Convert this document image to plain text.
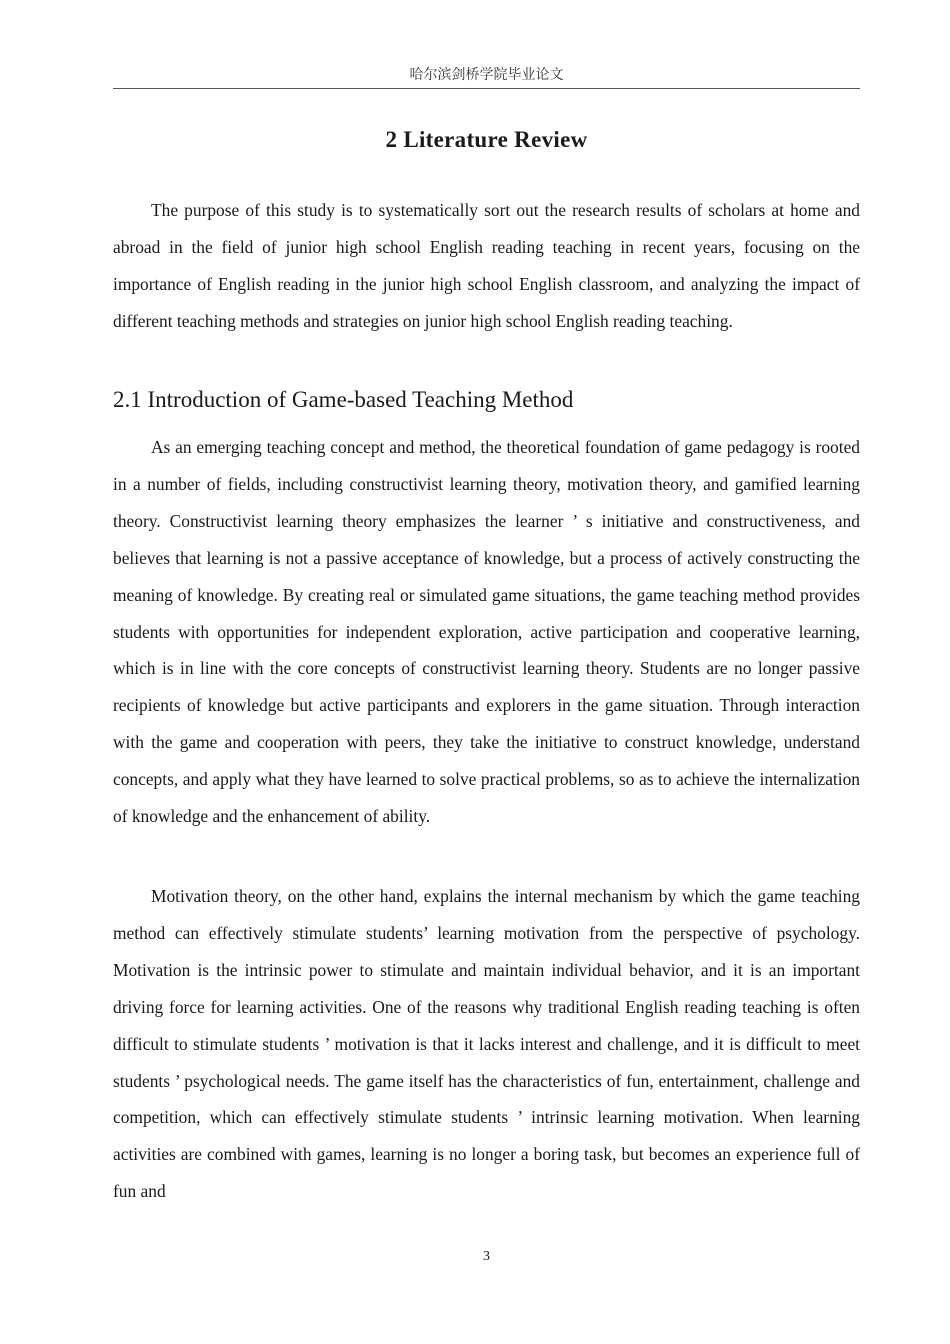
哈尔滨剑桥学院毕业论文
2 Literature Review

The purpose of this study is to systematically sort out the research results of scholars at home and abroad in the field of junior high school English reading teaching in recent years, focusing on the importance of English reading in the junior high school English classroom, and analyzing the impact of different teaching methods and strategies on junior high school English reading teaching.

2.1 Introduction of Game-based Teaching Method

As an emerging teaching concept and method, the theoretical foundation of game pedagogy is rooted in a number of fields, including constructivist learning theory, motivation theory, and gamified learning theory. Constructivist learning theory emphasizes the learner ’ s initiative and constructiveness, and believes that learning is not a passive acceptance of knowledge, but a process of actively constructing the meaning of knowledge. By creating real or simulated game situations, the game teaching method provides students with opportunities for independent exploration, active participation and cooperative learning, which is in line with the core concepts of constructivist learning theory. Students are no longer passive recipients of knowledge but active participants and explorers in the game situation. Through interaction with the game and cooperation with peers, they take the initiative to construct knowledge, understand concepts, and apply what they have learned to solve practical problems, so as to achieve the internalization of knowledge and the enhancement of ability.

Motivation theory, on the other hand, explains the internal mechanism by which the game teaching method can effectively stimulate students’ learning motivation from the perspective of psychology. Motivation is the intrinsic power to stimulate and maintain individual behavior, and it is an important driving force for learning activities. One of the reasons why traditional English reading teaching is often difficult to stimulate students ’ motivation is that it lacks interest and challenge, and it is difficult to meet students ’ psychological needs. The game itself has the characteristics of fun, entertainment, challenge and competition, which can effectively stimulate students ’ intrinsic learning motivation. When learning activities are combined with games, learning is no longer a boring task, but becomes an experience full of fun and

3
